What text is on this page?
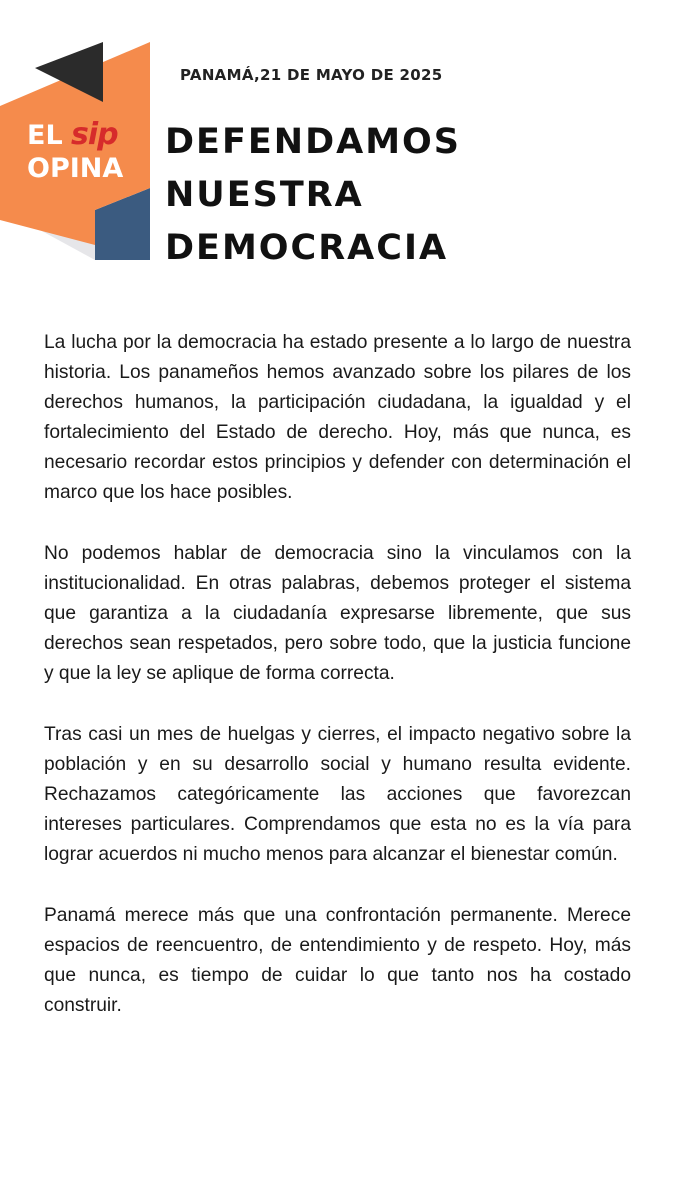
EL sip
OPINA
PANAMÁ,21 DE MAYO DE 2025
DEFENDAMOS
NUESTRA
DEMOCRACIA

La lucha por la democracia ha estado presente a lo largo de nuestra historia. Los panameños hemos avanzado sobre los pilares de los derechos humanos, la participación ciudadana, la igualdad y el fortalecimiento del Estado de derecho. Hoy, más que nunca, es necesario recordar estos principios y defender con determinación el marco que los hace posibles.

No podemos hablar de democracia sino la vinculamos con la institucionalidad. En otras palabras, debemos proteger el sistema que garantiza a la ciudadanía expresarse libremente, que sus derechos sean respetados, pero sobre todo, que la justicia funcione y que la ley se aplique de forma correcta.

Tras casi un mes de huelgas y cierres, el impacto negativo sobre la población y en su desarrollo social y humano resulta evidente. Rechazamos categóricamente las acciones que favorezcan intereses particulares. Comprendamos que esta no es la vía para lograr acuerdos ni mucho menos para alcanzar el bienestar común.

Panamá merece más que una confrontación permanente. Merece espacios de reencuentro, de entendimiento y de respeto. Hoy, más que nunca, es tiempo de cuidar lo que tanto nos ha costado construir.
